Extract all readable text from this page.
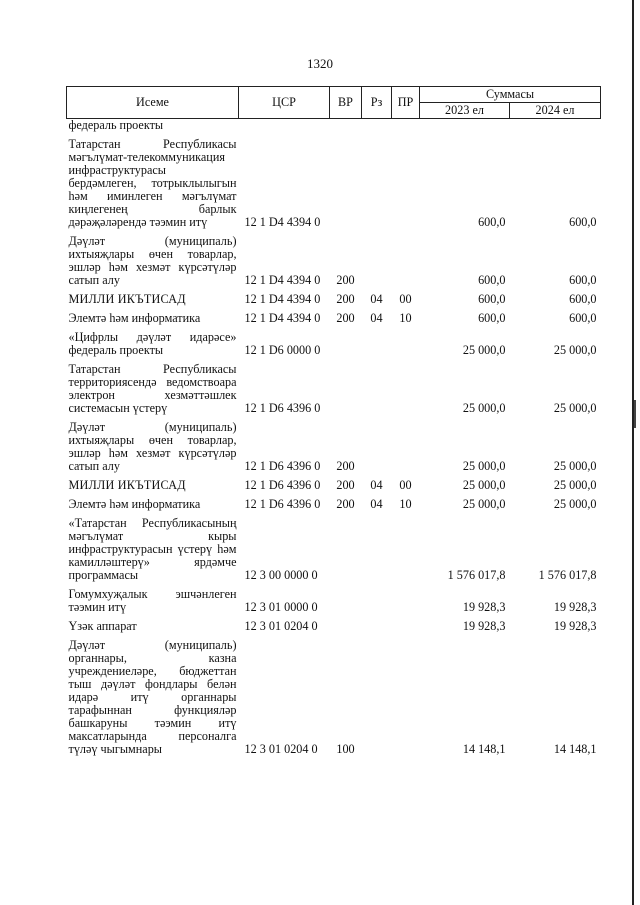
1320
Исеме	ЦСР	ВР	Рз	ПР	Суммасы	
					2023 ел	2024 ел
федераль проекты						
Татарстан Республикасы мәгълүмат-телекоммуникация инфраструктурасы бердәмлеген, тотрыклылыгын һәм иминлеген мәгълүмат киңлегенең барлык дәрәҗәләрендә тәэмин итү	12 1 D4 4394 0				600,0	600,0
Дәүләт (муниципаль) ихтыяҗлары өчен товарлар, эшләр һәм хезмәт күрсәтүләр сатып алу	12 1 D4 4394 0	200			600,0	600,0
МИЛЛИ ИКЪТИСАД	12 1 D4 4394 0	200	04	00	600,0	600,0
Элемтә һәм информатика	12 1 D4 4394 0	200	04	10	600,0	600,0
«Цифрлы дәүләт идарәсе» федераль проекты	12 1 D6 0000 0				25 000,0	25 000,0
Татарстан Республикасы территориясендә ведомствоара электрон хезмәттәшлек системасын үстерү	12 1 D6 4396 0				25 000,0	25 000,0
Дәүләт (муниципаль) ихтыяҗлары өчен товарлар, эшләр һәм хезмәт күрсәтүләр сатып алу	12 1 D6 4396 0	200			25 000,0	25 000,0
МИЛЛИ ИКЪТИСАД	12 1 D6 4396 0	200	04	00	25 000,0	25 000,0
Элемтә һәм информатика	12 1 D6 4396 0	200	04	10	25 000,0	25 000,0
«Татарстан Республикасының мәгълүмат кыры инфраструктурасын үстерү һәм камилләштерү» ярдәмче программасы	12 3 00 0000 0				1 576 017,8	1 576 017,8
Гомумхуҗалык эшчәнлеген тәэмин итү	12 3 01 0000 0				19 928,3	19 928,3
Үзәк аппарат	12 3 01 0204 0				19 928,3	19 928,3
Дәүләт (муниципаль) органнары, казна учреждениеләре, бюджеттан тыш дәүләт фондлары белән идарә итү органнары тарафыннан функцияләр башкаруны тәэмин итү максатларында персоналга түләү чыгымнары	12 3 01 0204 0	100			14 148,1	14 148,1
